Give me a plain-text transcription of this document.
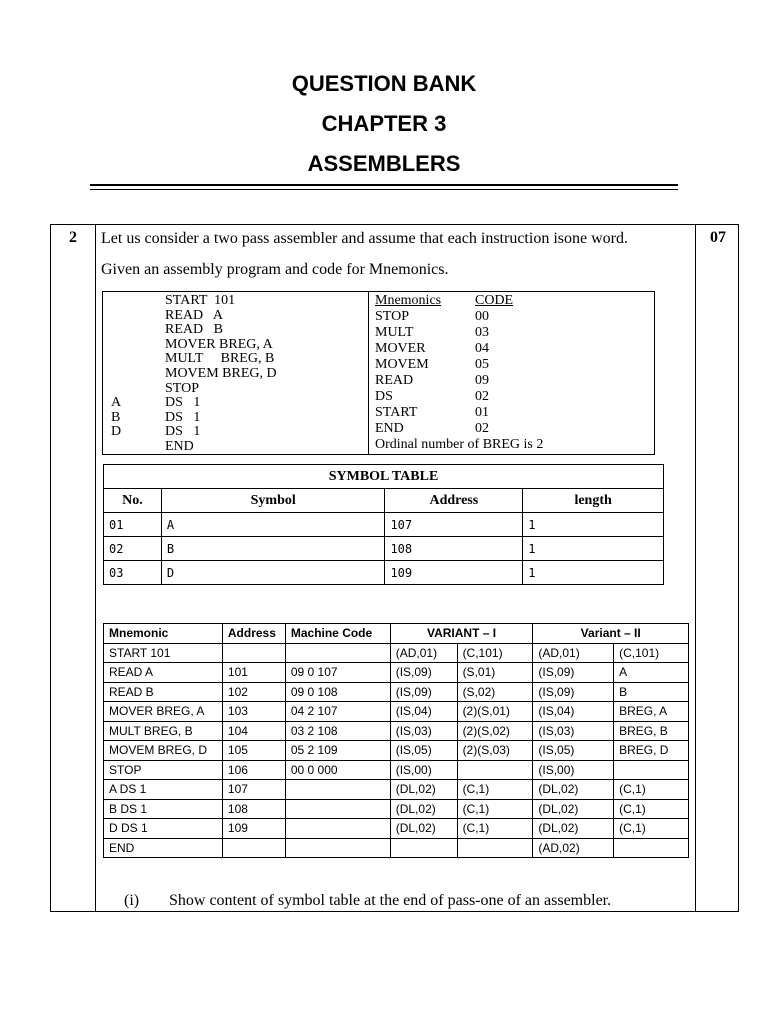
QUESTION BANK
CHAPTER 3
ASSEMBLERS
2	07
Let us consider a two pass assembler and assume that each instruction isone word.
Given an assembly program and code for Mnemonics.
START  101
READ   A
READ   B
MOVER BREG, A
MULT     BREG, B
MOVEM BREG, D
STOP
A	DS   1
B	DS   1
D	DS   1
END
Mnemonics CODE
STOP	00
MULT	03
MOVER	04
MOVEM	05
READ	09
DS	02
START	01
END	02
Ordinal number of BREG is 2
SYMBOL TABLE			
No.	Symbol	Address	length
01	A	107	1
02	B	108	1
03	D	109	1
Mnemonic	Address	Machine Code	VARIANT – I		Variant – II	
START 101			(AD,01)	(C,101)	(AD,01)	(C,101)
READ A	101	09 0 107	(IS,09)	(S,01)	(IS,09)	A
READ B	102	09 0 108	(IS,09)	(S,02)	(IS,09)	B
MOVER BREG, A	103	04 2 107	(IS,04)	(2)(S,01)	(IS,04)	BREG, A
MULT BREG, B	104	03 2 108	(IS,03)	(2)(S,02)	(IS,03)	BREG, B
MOVEM BREG, D	105	05 2 109	(IS,05)	(2)(S,03)	(IS,05)	BREG, D
STOP	106	00 0 000	(IS,00)		(IS,00)	
A DS 1	107		(DL,02)	(C,1)	(DL,02)	(C,1)
B DS 1	108		(DL,02)	(C,1)	(DL,02)	(C,1)
D DS 1	109		(DL,02)	(C,1)	(DL,02)	(C,1)
END					(AD,02)	
(i) Show content of symbol table at the end of pass-one of an assembler.
